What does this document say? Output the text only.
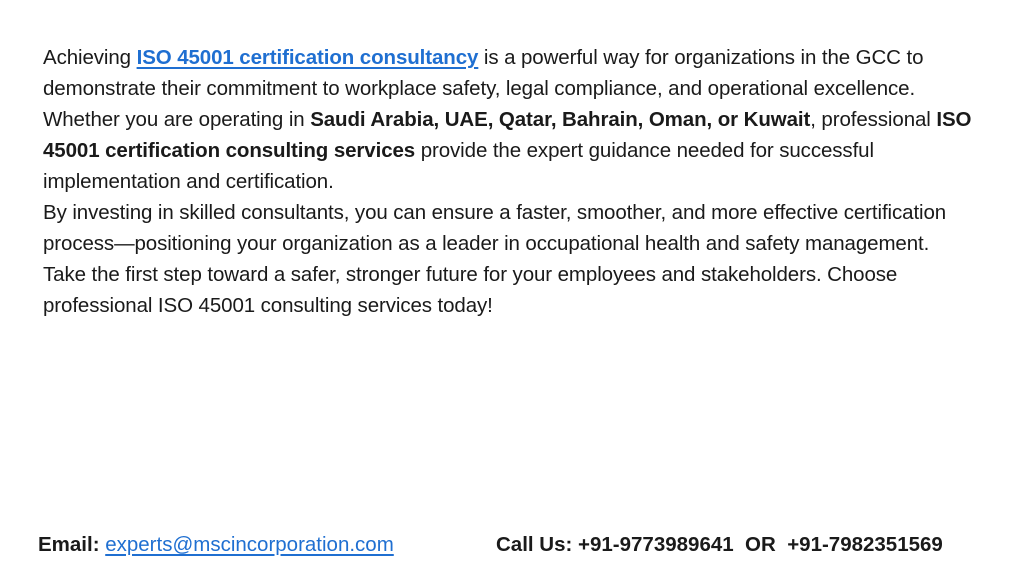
Achieving ISO 45001 certification consultancy is a powerful way for organizations in the GCC to demonstrate their commitment to workplace safety, legal compliance, and operational excellence.

Whether you are operating in Saudi Arabia, UAE, Qatar, Bahrain, Oman, or Kuwait, professional ISO 45001 certification consulting services provide the expert guidance needed for successful implementation and certification.

By investing in skilled consultants, you can ensure a faster, smoother, and more effective certification process—positioning your organization as a leader in occupational health and safety management.

Take the first step toward a safer, stronger future for your employees and stakeholders. Choose professional ISO 45001 consulting services today!

Email: experts@mscincorporation.com	Call Us: +91-9773989641  OR  +91-7982351569
